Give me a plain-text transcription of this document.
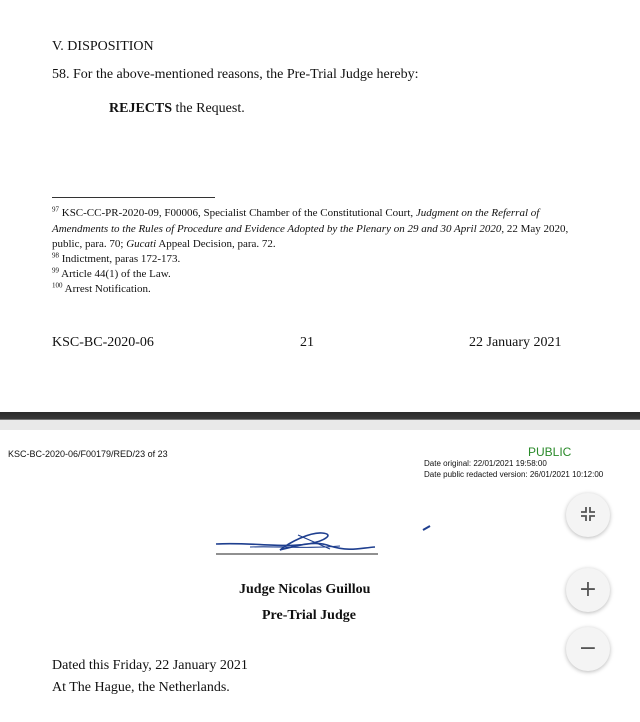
V. DISPOSITION
58. For the above-mentioned reasons, the Pre-Trial Judge hereby:
REJECTS the Request.
$^{97}$ KSC-CC-PR-2020-09, F00006, Specialist Chamber of the Constitutional Court, Judgment on the Referral of Amendments to the Rules of Procedure and Evidence Adopted by the Plenary on 29 and 30 April 2020, 22 May 2020, public, para. 70; Gucati Appeal Decision, para. 72.
$^{98}$ Indictment, paras 172-173.
$^{99}$ Article 44(1) of the Law.
$^{100}$ Arrest Notification.
KSC-BC-2020-06	21	22 January 2021
KSC-BC-2020-06/F00179/RED/23 of 23	PUBLIC
Date original: 22/01/2021 19:58:00
Date public redacted version: 26/01/2021 10:12:00
Judge Nicolas Guillou
Pre-Trial Judge
Dated this Friday, 22 January 2021
At The Hague, the Netherlands.
+
−
